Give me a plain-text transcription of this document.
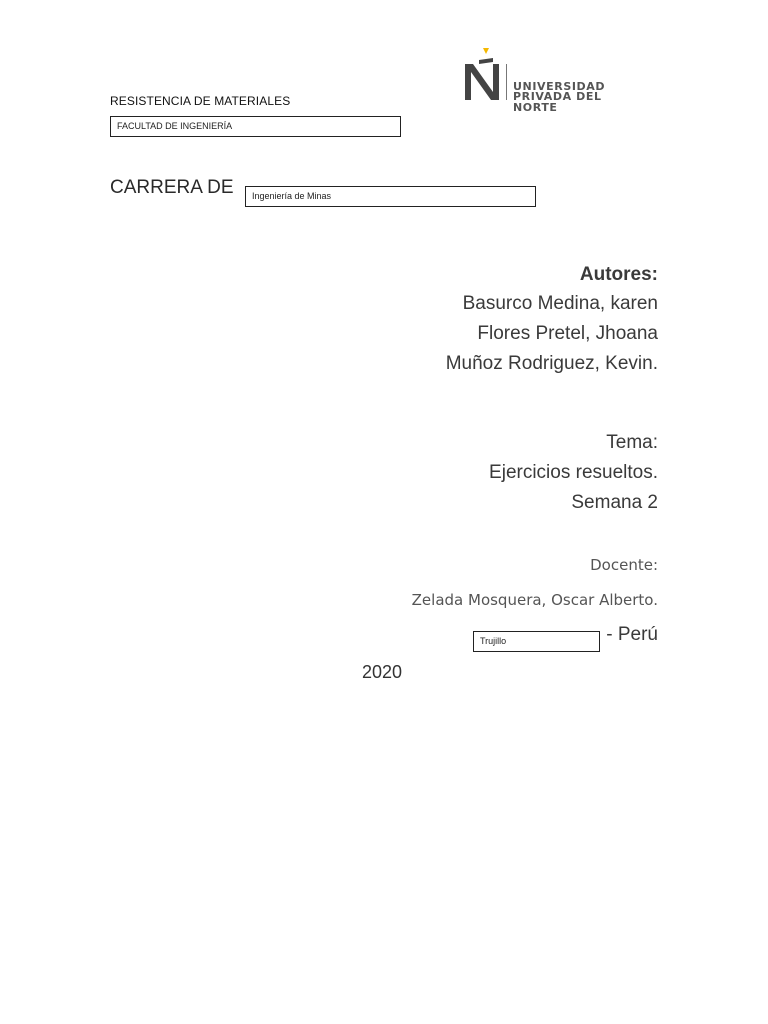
UNIVERSIDAD
PRIVADA DEL NORTE
RESISTENCIA DE MATERIALES
FACULTAD DE INGENIERÍA
CARRERA DE Ingeniería de Minas
Autores:
Basurco Medina, karen
Flores Pretel, Jhoana
Muñoz Rodriguez, Kevin.
Tema:
Ejercicios resueltos.
Semana 2
Docente:
Zelada Mosquera, Oscar Alberto.
Trujillo	- Perú
2020
